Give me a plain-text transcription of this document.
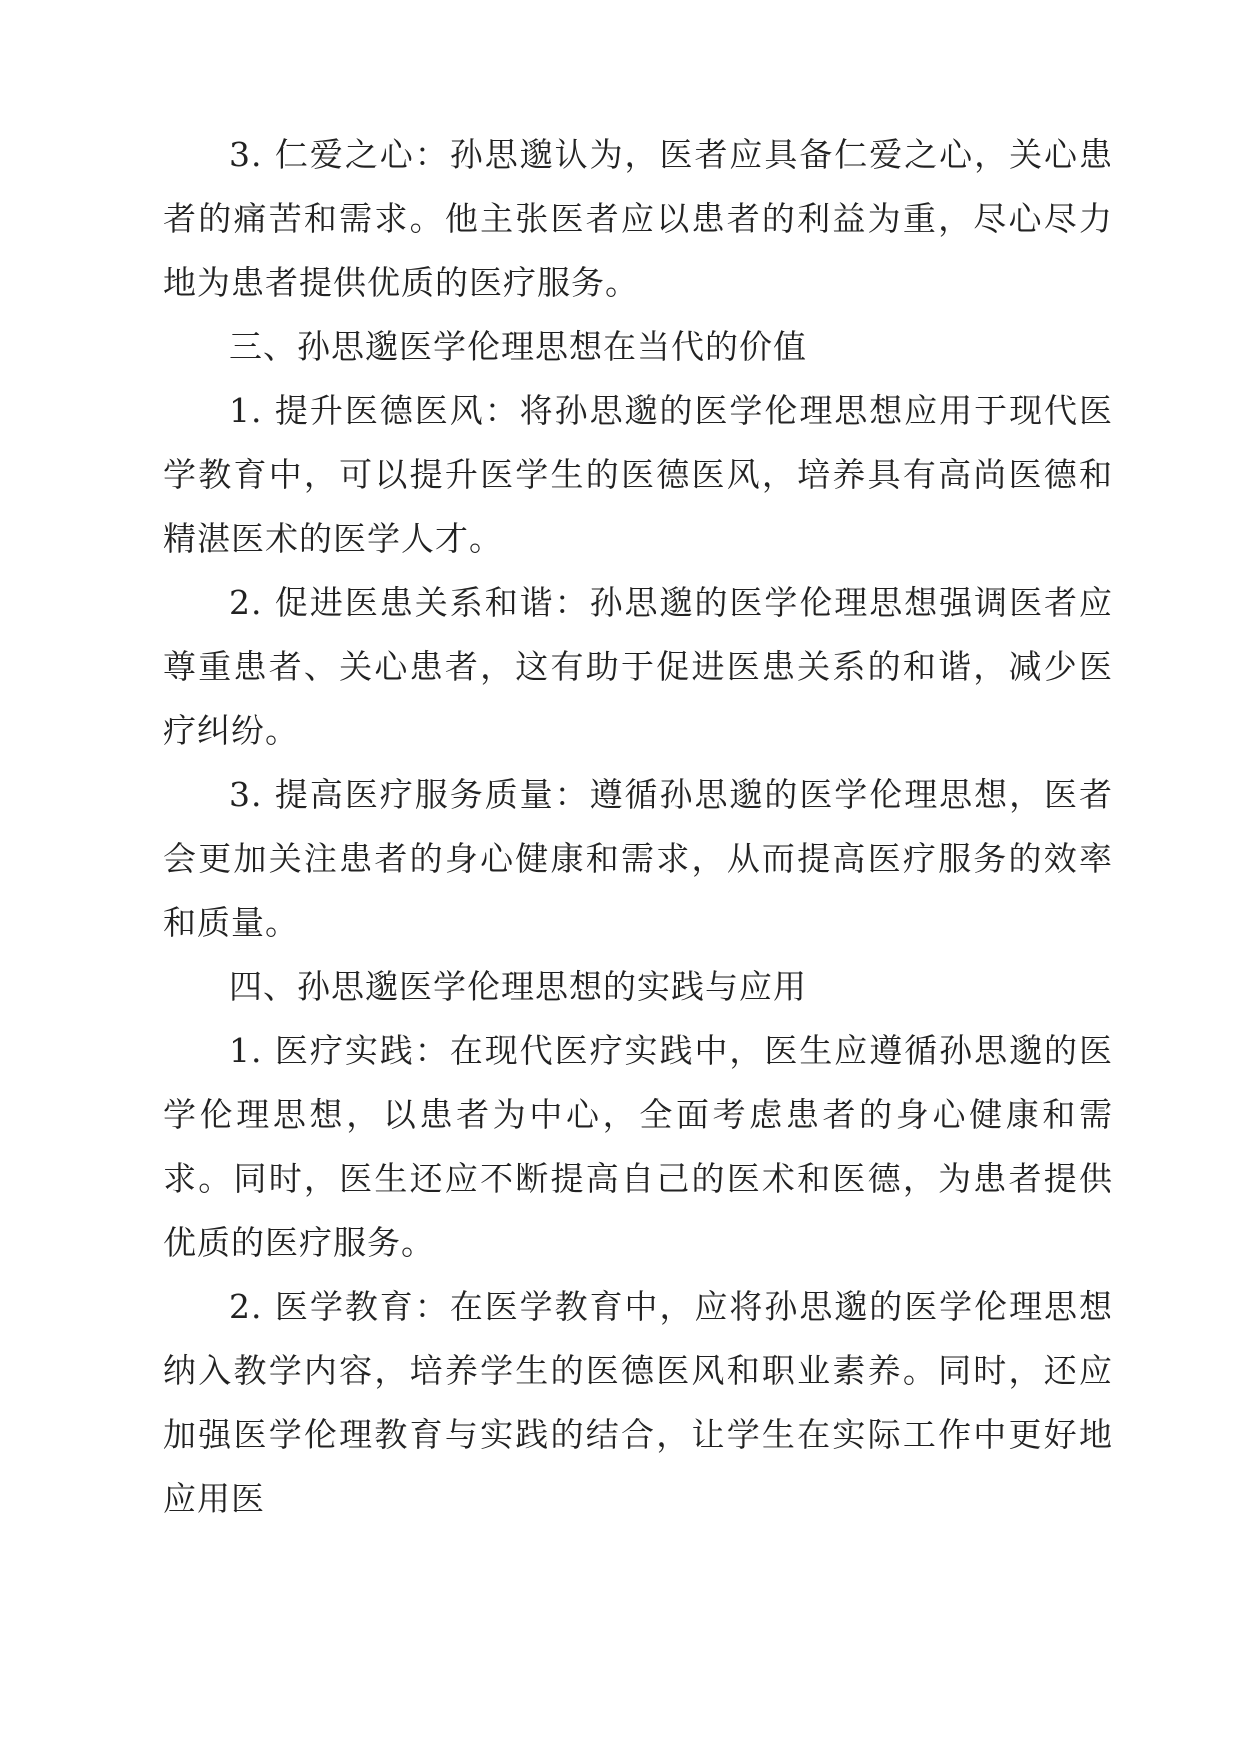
3. 仁爱之心：孙思邈认为，医者应具备仁爱之心，关心患者的痛苦和需求。他主张医者应以患者的利益为重，尽心尽力地为患者提供优质的医疗服务。

三、孙思邈医学伦理思想在当代的价值

1. 提升医德医风：将孙思邈的医学伦理思想应用于现代医学教育中，可以提升医学生的医德医风，培养具有高尚医德和精湛医术的医学人才。

2. 促进医患关系和谐：孙思邈的医学伦理思想强调医者应尊重患者、关心患者，这有助于促进医患关系的和谐，减少医疗纠纷。

3. 提高医疗服务质量：遵循孙思邈的医学伦理思想，医者会更加关注患者的身心健康和需求，从而提高医疗服务的效率和质量。

四、孙思邈医学伦理思想的实践与应用

1. 医疗实践：在现代医疗实践中，医生应遵循孙思邈的医学伦理思想，以患者为中心，全面考虑患者的身心健康和需求。同时，医生还应不断提高自己的医术和医德，为患者提供优质的医疗服务。

2. 医学教育：在医学教育中，应将孙思邈的医学伦理思想纳入教学内容，培养学生的医德医风和职业素养。同时，还应加强医学伦理教育与实践的结合，让学生在实际工作中更好地应用医
